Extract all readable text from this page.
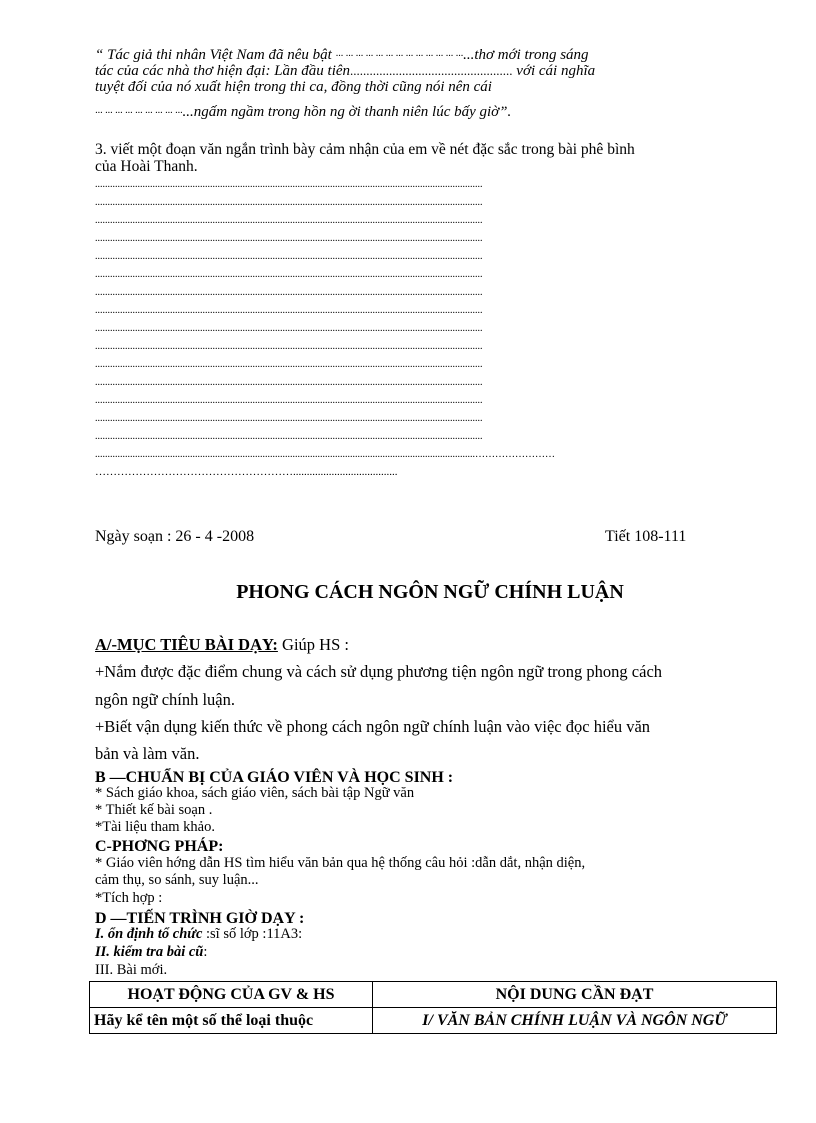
“ Tác giả thi nhân Việt Nam đã nêu bật ··· ··· ··· ··· ··· ··· ··· ··· ··· ··· ··· ··· ···...thơ mới trong sáng
tác của các nhà thơ hiện đại: Lần đầu tiên.................................................. với cái nghĩa
tuyệt đối của nó xuất hiện trong thi ca, đồng thời cũng nói nên cái
··· ··· ··· ··· ··· ··· ··· ··· ···...ngấm ngầm trong hồn ng ời thanh niên lúc bấy giờ”.
3. viết một đoạn văn ngắn trình bày cảm nhận của em về nét đặc sắc trong bài phê bình
của Hoài Thanh.
...........................................................................................................................................................
...........................................................................................................................................................
...........................................................................................................................................................
...........................................................................................................................................................
...........................................................................................................................................................
...........................................................................................................................................................
...........................................................................................................................................................
...........................................................................................................................................................
...........................................................................................................................................................
...........................................................................................................................................................
...........................................................................................................................................................
...........................................................................................................................................................
...........................................................................................................................................................
...........................................................................................................................................................
...........................................................................................................................................................
........................................................................................................................................................……………………
………………………………………………......................................
Ngày soạn : 26 - 4 -2008	Tiết 108-111
PHONG CÁCH NGÔN NGỮ CHÍNH LUẬN
A/-MỤC TIÊU BÀI DẠY: Giúp HS :
+Nắm được đặc điểm chung và cách sử dụng phương tiện ngôn ngữ trong phong cách
ngôn ngữ chính luận.
+Biết vận dụng kiến thức về phong cách ngôn ngữ chính luận vào việc đọc hiểu văn
bản và làm văn.
B —CHUẨN BỊ CỦA GIÁO VIÊN VÀ HỌC SINH :
* Sách giáo khoa, sách giáo viên, sách bài tập Ngữ văn
* Thiết kế bài soạn .
*Tài liệu tham khảo.
C-PHƠNG PHÁP:
* Giáo viên hớng dẫn HS tìm hiểu văn bản qua hệ thống câu hỏi :dẫn dắt, nhận diện,
cảm thụ, so sánh, suy luận...
*Tích hợp :
D —TIẾN TRÌNH GIỜ DẠY :
I. ổn định tổ chức :sĩ số lớp :11A3:
II. kiểm tra bài cũ:
III. Bài mới.
HOẠT ĐỘNG CỦA GV & HS	NỘI DUNG CẦN ĐẠT
Hãy kể tên một số thể loại thuộc	I/ VĂN BẢN CHÍNH LUẬN VÀ NGÔN NGỮ
